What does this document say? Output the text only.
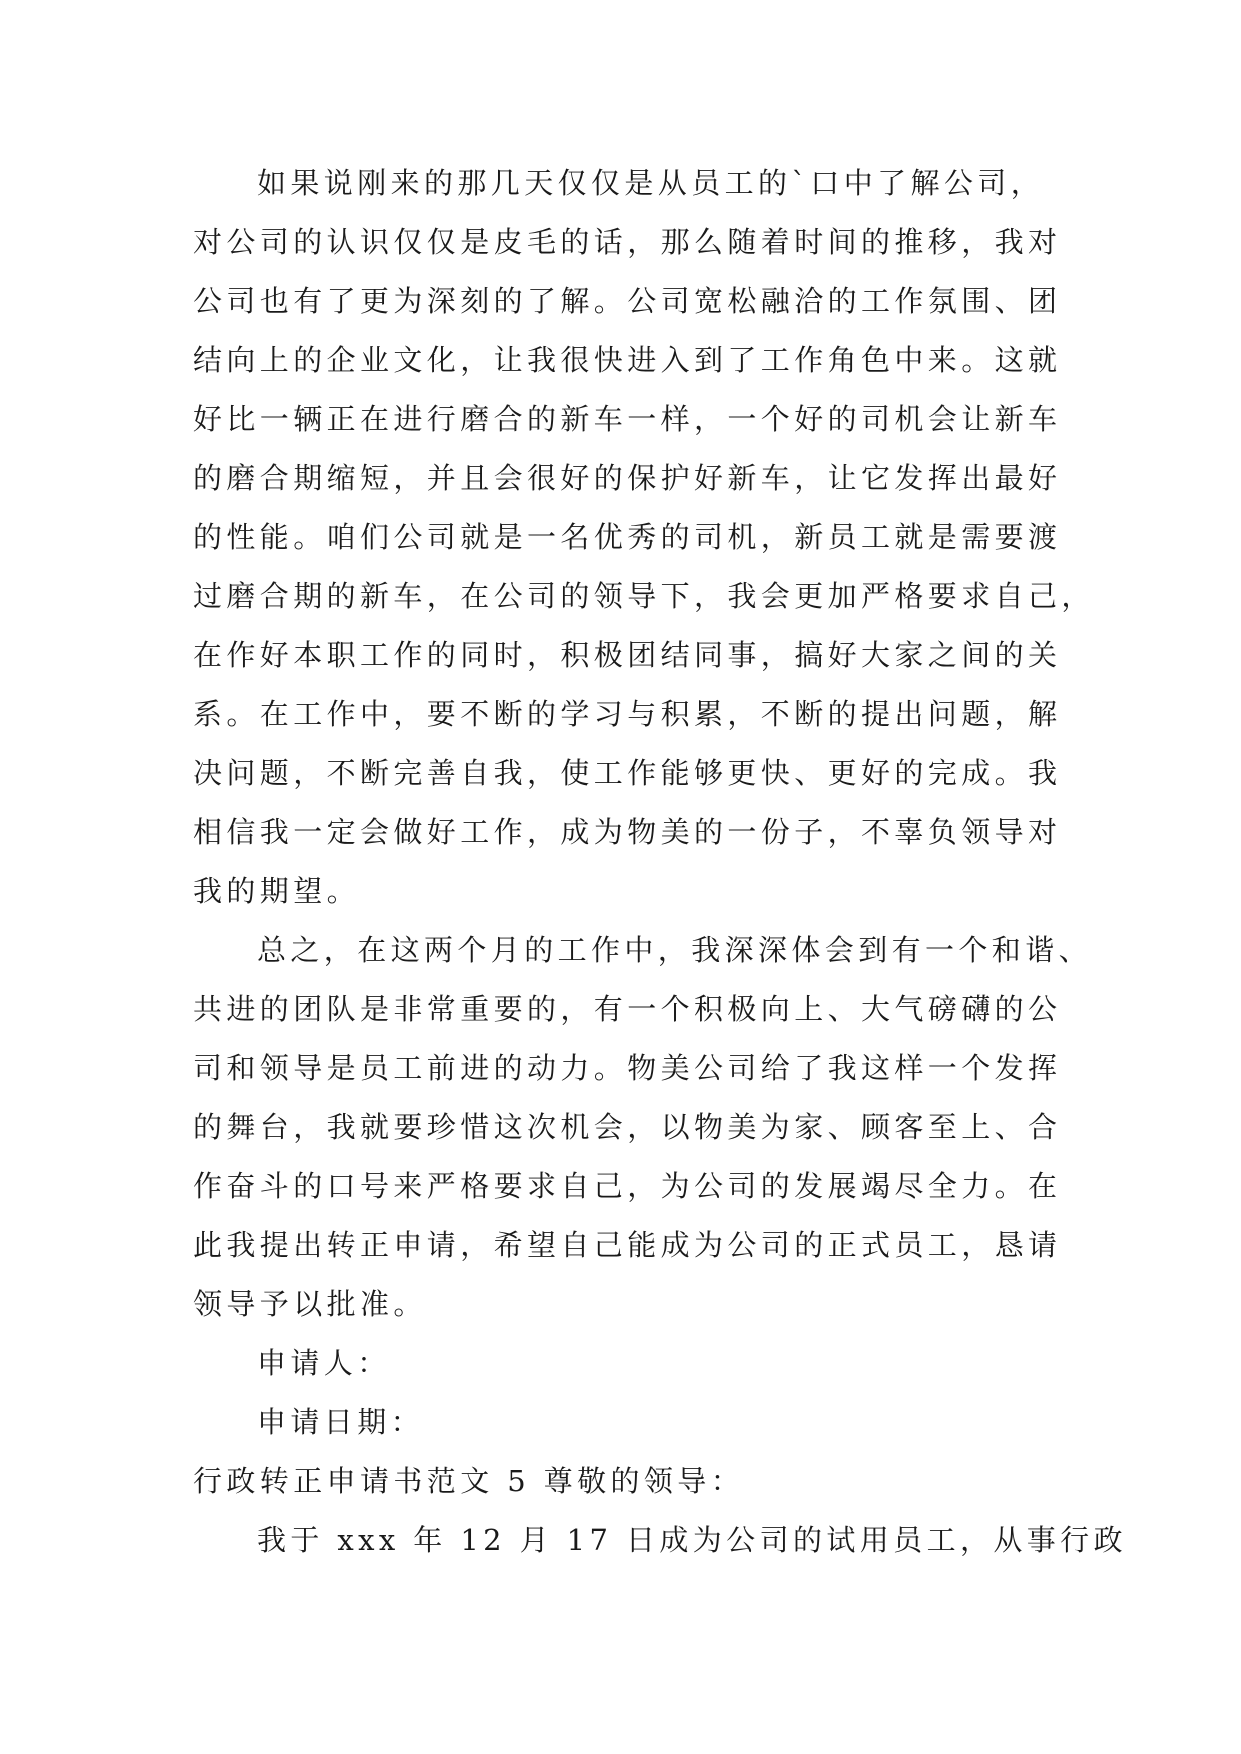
如果说刚来的那几天仅仅是从员工的`口中了解公司，
对公司的认识仅仅是皮毛的话，那么随着时间的推移，我对
公司也有了更为深刻的了解。公司宽松融洽的工作氛围、团
结向上的企业文化，让我很快进入到了工作角色中来。这就
好比一辆正在进行磨合的新车一样，一个好的司机会让新车
的磨合期缩短，并且会很好的保护好新车，让它发挥出最好
的性能。咱们公司就是一名优秀的司机，新员工就是需要渡
过磨合期的新车，在公司的领导下，我会更加严格要求自己，
在作好本职工作的同时，积极团结同事，搞好大家之间的关
系。在工作中，要不断的学习与积累，不断的提出问题，解
决问题，不断完善自我，使工作能够更快、更好的完成。我
相信我一定会做好工作，成为物美的一份子，不辜负领导对
我的期望。
总之，在这两个月的工作中，我深深体会到有一个和谐、
共进的团队是非常重要的，有一个积极向上、大气磅礴的公
司和领导是员工前进的动力。物美公司给了我这样一个发挥
的舞台，我就要珍惜这次机会，以物美为家、顾客至上、合
作奋斗的口号来严格要求自己，为公司的发展竭尽全力。在
此我提出转正申请，希望自己能成为公司的正式员工，恳请
领导予以批准。
申请人：
申请日期：
行政转正申请书范文 5 尊敬的领导：
我于 xxx 年 12 月 17 日成为公司的试用员工，从事行政
